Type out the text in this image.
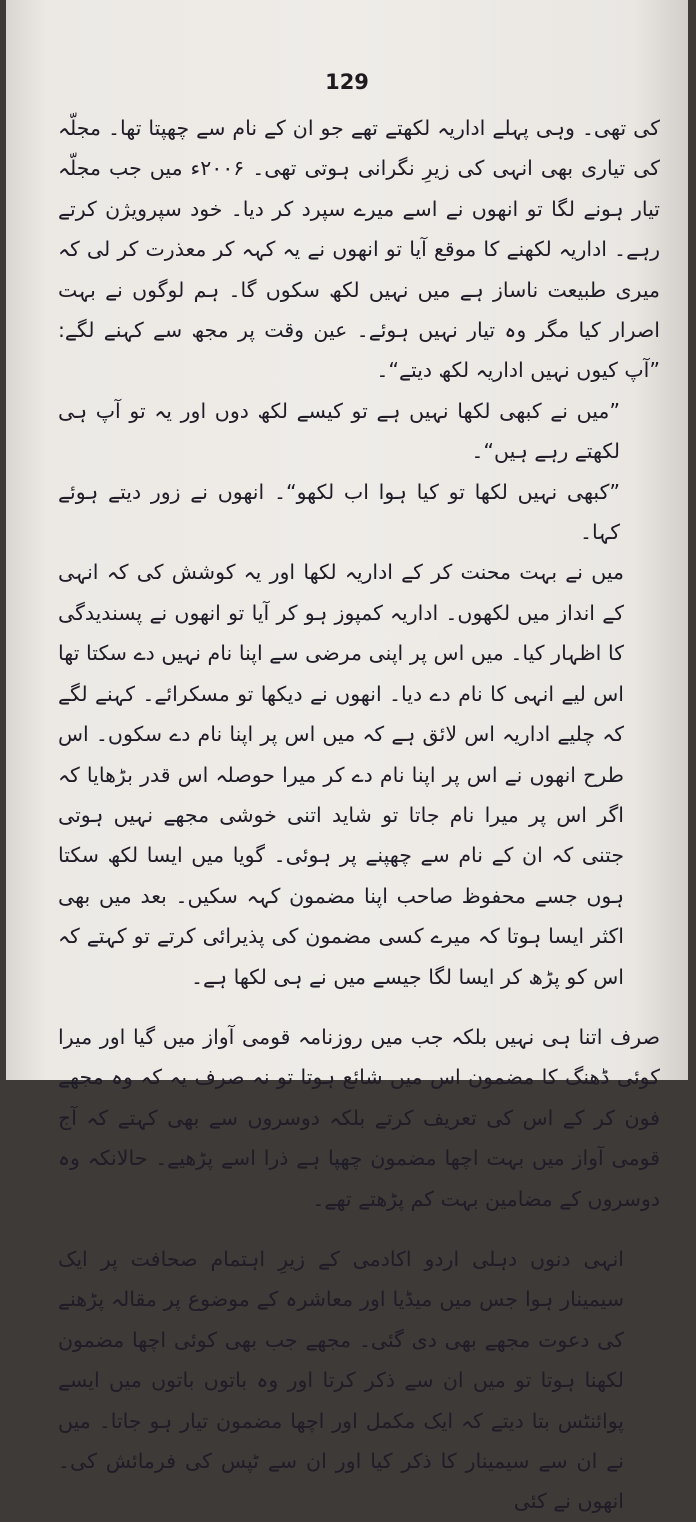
129

کی تھی۔ وہی پہلے اداریہ لکھتے تھے جو ان کے نام سے چھپتا تھا۔ مجلّہ کی تیاری بھی انہی کی زیرِ نگرانی ہوتی تھی۔ ۲۰۰۶ء میں جب مجلّہ تیار ہونے لگا تو انھوں نے اسے میرے سپرد کر دیا۔ خود سپرویژن کرتے رہے۔ اداریہ لکھنے کا موقع آیا تو انھوں نے یہ کہہ کر معذرت کر لی کہ میری طبیعت ناساز ہے میں نہیں لکھ سکوں گا۔ ہم لوگوں نے بہت اصرار کیا مگر وہ تیار نہیں ہوئے۔ عین وقت پر مجھ سے کہنے لگے: ”آپ کیوں نہیں اداریہ لکھ دیتے“۔

”میں نے کبھی لکھا نہیں ہے تو کیسے لکھ دوں اور یہ تو آپ ہی لکھتے رہے ہیں“۔

”کبھی نہیں لکھا تو کیا ہوا اب لکھو“۔ انھوں نے زور دیتے ہوئے کہا۔

میں نے بہت محنت کر کے اداریہ لکھا اور یہ کوشش کی کہ انہی کے انداز میں لکھوں۔ اداریہ کمپوز ہو کر آیا تو انھوں نے پسندیدگی کا اظہار کیا۔ میں اس پر اپنی مرضی سے اپنا نام نہیں دے سکتا تھا اس لیے انہی کا نام دے دیا۔ انھوں نے دیکھا تو مسکرائے۔ کہنے لگے کہ چلیے اداریہ اس لائق ہے کہ میں اس پر اپنا نام دے سکوں۔ اس طرح انھوں نے اس پر اپنا نام دے کر میرا حوصلہ اس قدر بڑھایا کہ اگر اس پر میرا نام جاتا تو شاید اتنی خوشی مجھے نہیں ہوتی جتنی کہ ان کے نام سے چھپنے پر ہوئی۔ گویا میں ایسا لکھ سکتا ہوں جسے محفوظ صاحب اپنا مضمون کہہ سکیں۔ بعد میں بھی اکثر ایسا ہوتا کہ میرے کسی مضمون کی پذیرائی کرتے تو کہتے کہ اس کو پڑھ کر ایسا لگا جیسے میں نے ہی لکھا ہے۔

صرف اتنا ہی نہیں بلکہ جب میں روزنامہ قومی آواز میں گیا اور میرا کوئی ڈھنگ کا مضمون اس میں شائع ہوتا تو نہ صرف یہ کہ وہ مجھے فون کر کے اس کی تعریف کرتے بلکہ دوسروں سے بھی کہتے کہ آج قومی آواز میں بہت اچھا مضمون چھپا ہے ذرا اسے پڑھیے۔ حالانکہ وہ دوسروں کے مضامین بہت کم پڑھتے تھے۔

انہی دنوں دہلی اردو اکادمی کے زیرِ اہتمام صحافت پر ایک سیمینار ہوا جس میں میڈیا اور معاشرہ کے موضوع پر مقالہ پڑھنے کی دعوت مجھے بھی دی گئی۔ مجھے جب بھی کوئی اچھا مضمون لکھنا ہوتا تو میں ان سے ذکر کرتا اور وہ باتوں باتوں میں ایسے پوائنٹس بتا دیتے کہ ایک مکمل اور اچھا مضمون تیار ہو جاتا۔ میں نے ان سے سیمینار کا ذکر کیا اور ان سے ٹپس کی فرمائش کی۔ انھوں نے کئی
